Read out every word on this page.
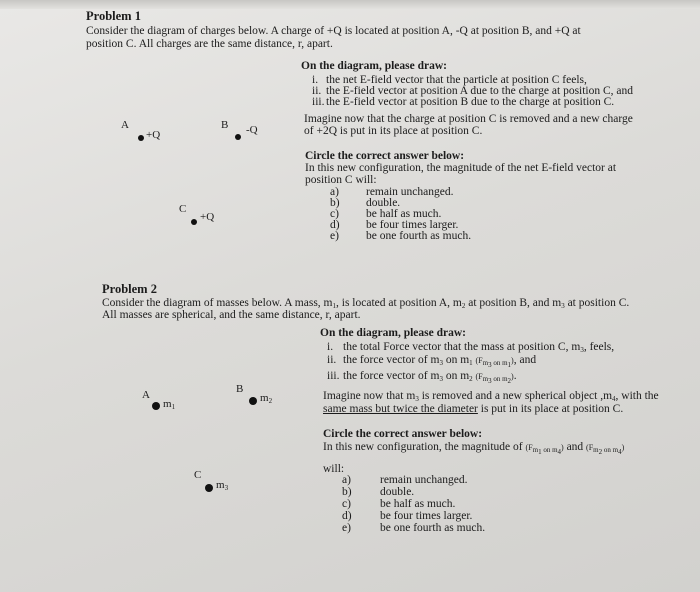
Problem 1
Consider the diagram of charges below. A charge of +Q is located at position A, -Q at position B, and +Q at
position C. All charges are the same distance, r, apart.
On the diagram, please draw:
i. the net E-field vector that the particle at position C feels,
ii. the E-field vector at position A due to the charge at position C, and
iii. the E-field vector at position B due to the charge at position C.
Imagine now that the charge at position C is removed and a new charge
of +2Q is put in its place at position C.
Circle the correct answer below:
In this new configuration, the magnitude of the net E-field vector at
position C will:
a) remain unchanged.
b) double.
c) be half as much.
d) be four times larger.
e) be one fourth as much.
A
+Q
B -Q
C
+Q
Problem 2
Consider the diagram of masses below. A mass, $m_1$, is located at position A, $m_2$ at position B, and $m_3$ at position C.
All masses are spherical, and the same distance, r, apart.
On the diagram, please draw:
i. the total Force vector that the mass at position C, $m_3$, feels,
ii. the force vector of $m_3$ on $m_1$ $(F_{m_3 on m_1})$, and
iii. the force vector of $m_3$ on $m_2$ $(F_{m_3 on m_2})$.
Imagine now that $m_3$ is removed and a new spherical object $,m_4$, with the
same mass but twice the diameter is put in its place at position C.
Circle the correct answer below:
In this new configuration, the magnitude of $(F_{m_1 on m_4})$ and $(F_{m_2 on m_4})$
will:
a)	remain unchanged.
b) double.
c)	be half as much.
d) be four times larger.
e)	be one fourth as much.
A
$m_1$
B
$m_2$
C
$m_3$
